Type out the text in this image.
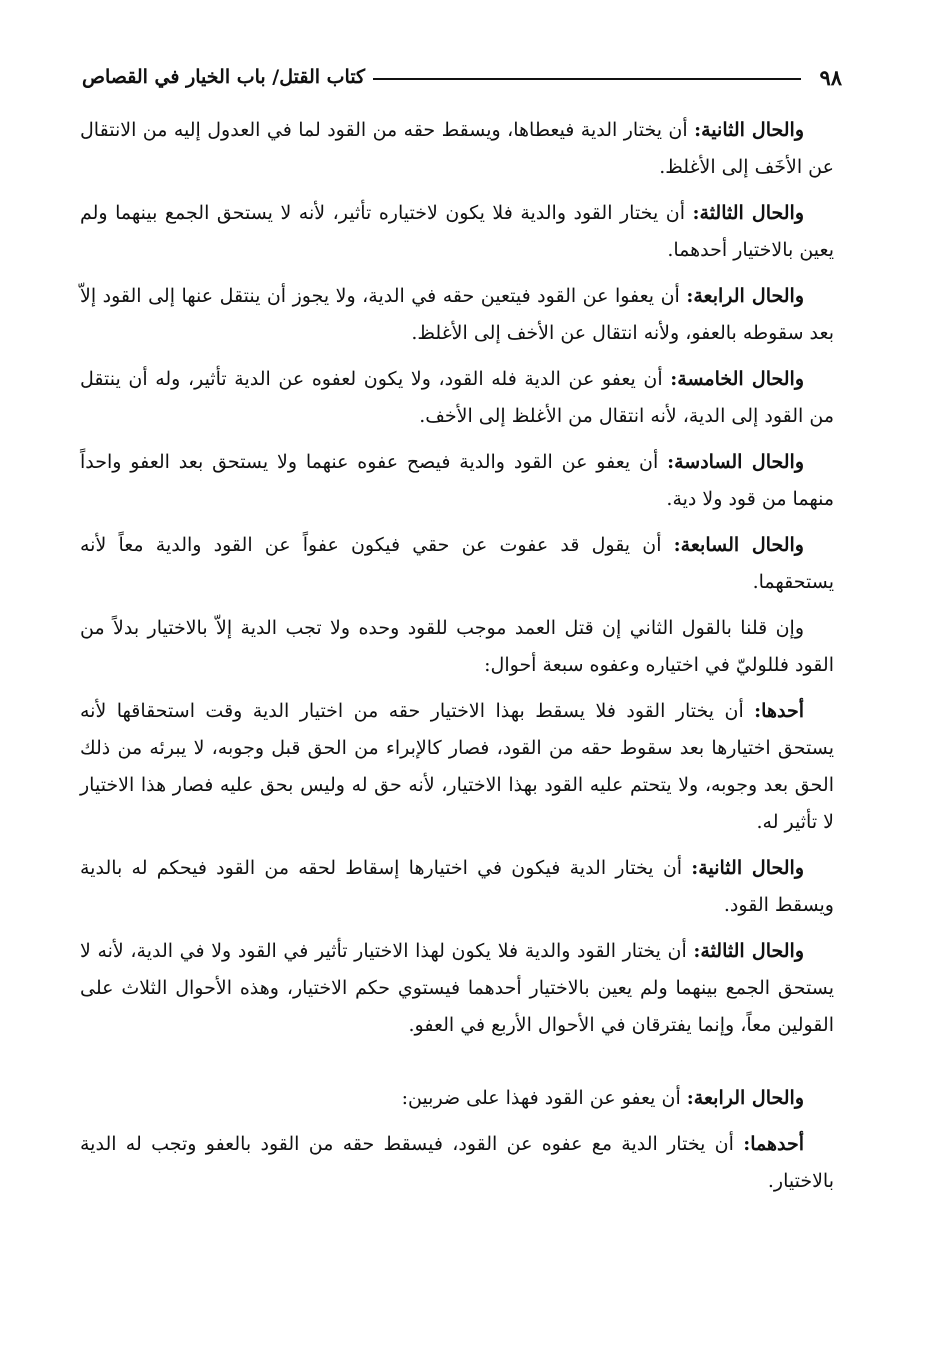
٩٨
كتاب القتل/ باب الخيار في القصاص

والحال الثانية: أن يختار الدية فيعطاها، ويسقط حقه من القود لما في العدول إليه من الانتقال عن الأخَف إلى الأغلظ.

والحال الثالثة: أن يختار القود والدية فلا يكون لاختياره تأثير، لأنه لا يستحق الجمع بينهما ولم يعين بالاختيار أحدهما.

والحال الرابعة: أن يعفوا عن القود فيتعين حقه في الدية، ولا يجوز أن ينتقل عنها إلى القود إلاّ بعد سقوطه بالعفو، ولأنه انتقال عن الأخف إلى الأغلظ.

والحال الخامسة: أن يعفو عن الدية فله القود، ولا يكون لعفوه عن الدية تأثير، وله أن ينتقل من القود إلى الدية، لأنه انتقال من الأغلظ إلى الأخف.

والحال السادسة: أن يعفو عن القود والدية فيصح عفوه عنهما ولا يستحق بعد العفو واحداً منهما من قود ولا دية.

والحال السابعة: أن يقول قد عفوت عن حقي فيكون عفواً عن القود والدية معاً لأنه يستحقهما.

وإن قلنا بالقول الثاني إن قتل العمد موجب للقود وحده ولا تجب الدية إلاّ بالاختيار بدلاً من القود فللوليّ في اختياره وعفوه سبعة أحوال:

أحدها: أن يختار القود فلا يسقط بهذا الاختيار حقه من اختيار الدية وقت استحقاقها لأنه يستحق اختيارها بعد سقوط حقه من القود، فصار كالإبراء من الحق قبل وجوبه، لا يبرئه من ذلك الحق بعد وجوبه، ولا يتحتم عليه القود بهذا الاختيار، لأنه حق له وليس بحق عليه فصار هذا الاختيار لا تأثير له.

والحال الثانية: أن يختار الدية فيكون في اختيارها إسقاط لحقه من القود فيحكم له بالدية ويسقط القود.

والحال الثالثة: أن يختار القود والدية فلا يكون لهذا الاختيار تأثير في القود ولا في الدية، لأنه لا يستحق الجمع بينهما ولم يعين بالاختيار أحدهما فيستوي حكم الاختيار، وهذه الأحوال الثلاث على القولين معاً، وإنما يفترقان في الأحوال الأربع في العفو.

والحال الرابعة: أن يعفو عن القود فهذا على ضربين:

أحدهما: أن يختار الدية مع عفوه عن القود، فيسقط حقه من القود بالعفو وتجب له الدية بالاختيار.
